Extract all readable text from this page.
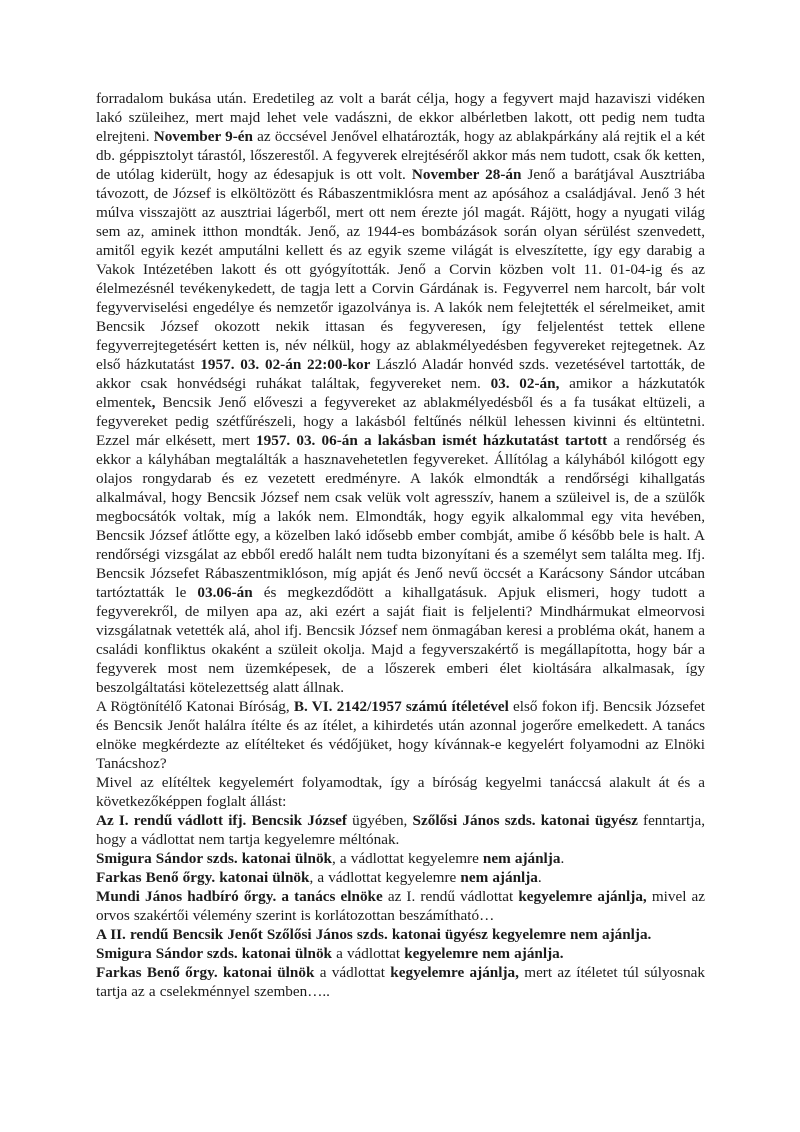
forradalom bukása után. Eredetileg az volt a barát célja, hogy a fegyvert majd hazaviszi vidéken lakó szüleihez, mert majd lehet vele vadászni, de ekkor albérletben lakott, ott pedig nem tudta elrejteni. November 9-én az öccsével Jenővel elhatározták, hogy az ablakpárkány alá rejtik el a két db. géppisztolyt tárastól, lőszerestől. A fegyverek elrejtéséről akkor más nem tudott, csak ők ketten, de utólag kiderült, hogy az édesapjuk is ott volt. November 28-án Jenő a barátjával Ausztriába távozott, de József is elköltözött és Rábaszentmiklósra ment az apósához a családjával. Jenő 3 hét múlva visszajött az ausztriai lágerből, mert ott nem érezte jól magát. Rájött, hogy a nyugati világ sem az, aminek itthon mondták. Jenő, az 1944-es bombázások során olyan sérülést szenvedett, amitől egyik kezét amputálni kellett és az egyik szeme világát is elveszítette, így egy darabig a Vakok Intézetében lakott és ott gyógyították. Jenő a Corvin közben volt 11. 01-04-ig és az élelmezésnél tevékenykedett, de tagja lett a Corvin Gárdának is. Fegyverrel nem harcolt, bár volt fegyverviselési engedélye és nemzetőr igazolványa is. A lakók nem felejtették el sérelmeiket, amit Bencsik József okozott nekik ittasan és fegyveresen, így feljelentést tettek ellene fegyverrejtegetésért ketten is, név nélkül, hogy az ablakmélyedésben fegyvereket rejtegetnek. Az első házkutatást 1957. 03. 02-án 22:00-kor László Aladár honvéd szds. vezetésével tartották, de akkor csak honvédségi ruhákat találtak, fegyvereket nem. 03. 02-án, amikor a házkutatók elmentek, Bencsik Jenő előveszi a fegyvereket az ablakmélyedésből és a fa tusákat eltüzeli, a fegyvereket pedig szétfűrészeli, hogy a lakásból feltűnés nélkül lehessen kivinni és eltüntetni. Ezzel már elkésett, mert 1957. 03. 06-án a lakásban ismét házkutatást tartott a rendőrség és ekkor a kályhában megtalálták a hasznavehetetlen fegyvereket. Állítólag a kályhából kilógott egy olajos rongydarab és ez vezetett eredményre. A lakók elmondták a rendőrségi kihallgatás alkalmával, hogy Bencsik József nem csak velük volt agresszív, hanem a szüleivel is, de a szülők megbocsátók voltak, míg a lakók nem. Elmondták, hogy egyik alkalommal egy vita hevében, Bencsik József átlőtte egy, a közelben lakó idősebb ember combját, amibe ő később bele is halt. A rendőrségi vizsgálat az ebből eredő halált nem tudta bizonyítani és a személyt sem találta meg. Ifj. Bencsik Józsefet Rábaszentmiklóson, míg apját és Jenő nevű öccsét a Karácsony Sándor utcában tartóztatták le 03.06-án és megkezdődött a kihallgatásuk. Apjuk elismeri, hogy tudott a fegyverekről, de milyen apa az, aki ezért a saját fiait is feljelenti? Mindhármukat elmeorvosi vizsgálatnak vetették alá, ahol ifj. Bencsik József nem önmagában keresi a probléma okát, hanem a családi konfliktus okaként a szüleit okolja. Majd a fegyverszakértő is megállapította, hogy bár a fegyverek most nem üzemképesek, de a lőszerek emberi élet kioltására alkalmasak, így beszolgáltatási kötelezettség alatt állnak.

A Rögtönítélő Katonai Bíróság, B. VI. 2142/1957 számú ítéletével első fokon ifj. Bencsik Józsefet és Bencsik Jenőt halálra ítélte és az ítélet, a kihirdetés után azonnal jogerőre emelkedett. A tanács elnöke megkérdezte az elítélteket és védőjüket, hogy kívánnak-e kegyelért folyamodni az Elnöki Tanácshoz?

Mivel az elítéltek kegyelemért folyamodtak, így a bíróság kegyelmi tanáccsá alakult át és a következőképpen foglalt állást:

Az I. rendű vádlott ifj. Bencsik József ügyében, Szőlősi János szds. katonai ügyész fenntartja, hogy a vádlottat nem tartja kegyelemre méltónak.

Smigura Sándor szds. katonai ülnök, a vádlottat kegyelemre nem ajánlja.

Farkas Benő őrgy. katonai ülnök, a vádlottat kegyelemre nem ajánlja.

Mundi János hadbíró őrgy. a tanács elnöke az I. rendű vádlottat kegyelemre ajánlja, mivel az orvos szakértői vélemény szerint is korlátozottan beszámítható…

A II. rendű Bencsik Jenőt Szőlősi János szds. katonai ügyész kegyelemre nem ajánlja.

Smigura Sándor szds. katonai ülnök a vádlottat kegyelemre nem ajánlja.

Farkas Benő őrgy. katonai ülnök a vádlottat kegyelemre ajánlja, mert az ítéletet túl súlyosnak tartja az a cselekménnyel szemben…..
